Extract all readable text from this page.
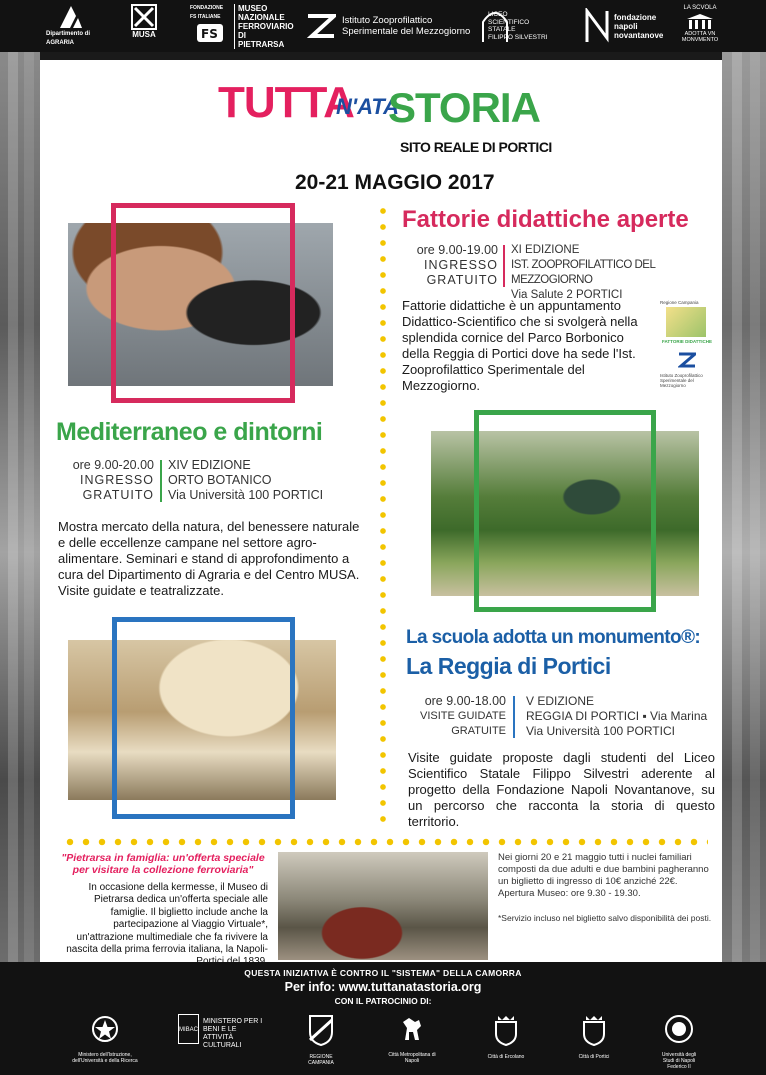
Dipartimento di AGRARIA
MUSA
FONDAZIONE FS ITALIANE
FS
MUSEO
NAZIONALE
FERROVIARIO
DI PIETRARSA
Istituto Zooprofilattico
Sperimentale del Mezzogiorno
LICEO
SCIENTIFICO
STATALE
FILIPPO SILVESTRI
fondazione
napoli
novantanove
LA SCVOLA
ADOTTA VN
MONVMENTO
TUTTA
N'ATA
STORIA
SITO REALE DI PORTICI
20-21 MAGGIO 2017
Fattorie didattiche aperte
ore 9.00-19.00
INGRESSO
GRATUITO
XI EDIZIONE
IST. ZOOPROFILATTICO DEL MEZZOGIORNO
Via Salute 2 PORTICI
Fattorie didattiche è un appuntamento Didattico-Scientifico che si svolgerà nella splendida cornice del Parco Borbonico della Reggia di Portici dove ha sede l'Ist. Zooprofilattico Sperimentale del Mezzogiorno.
Regione Campania
FATTORIE DIDATTICHE
Istituto Zooprofilattico Sperimentale del Mezzogiorno
Mediterraneo e dintorni
ore 9.00-20.00
INGRESSO
GRATUITO
XIV EDIZIONE
ORTO BOTANICO
Via Università 100 PORTICI
Mostra mercato della natura, del benessere naturale e delle eccellenze campane nel settore agro-alimentare. Seminari e stand di approfondimento a cura del Dipartimento di Agraria e del Centro MUSA. Visite guidate e teatralizzate.
La scuola adotta un monumento®:
La Reggia di Portici
ore 9.00-18.00
VISITE GUIDATE
GRATUITE
V EDIZIONE
REGGIA DI PORTICI ▪ Via Marina
Via Università 100 PORTICI
Visite guidate proposte dagli studenti del Liceo Scientifico Statale Filippo Silvestri aderente al progetto della Fondazione Napoli Novantanove, su un percorso che racconta la storia di questo territorio.
"Pietrarsa in famiglia: un'offerta speciale per visitare la collezione ferroviaria"
In occasione della kermesse, il Museo di Pietrarsa dedica un'offerta speciale alle famiglie. Il biglietto include anche la partecipazione al Viaggio Virtuale*, un'attrazione multimediale che fa rivivere la nascita della prima ferrovia italiana, la Napoli-
Nei giorni 20 e 21 maggio tutti i nuclei familiari composti da due adulti e due bambini pagheranno un biglietto di ingresso di 10€ anziché 22€. Apertura Museo: ore 9.30 - 19.30.
*Servizio incluso nel biglietto salvo disponibilità dei posti.
QUESTA INIZIATIVA È CONTRO IL "SISTEMA" DELLA CAMORRA
Per info: www.tuttanatastoria.org
CON IL PATROCINIO DI:
Ministero dell'Istruzione, dell'Università e della Ricerca
MIBAC
MINISTERO PER I BENI E LE ATTIVITÀ CULTURALI
REGIONE CAMPANIA
Città Metropolitana di Napoli
Città di Ercolano	Città di Portici	Università degli Studi di Napoli Federico II
